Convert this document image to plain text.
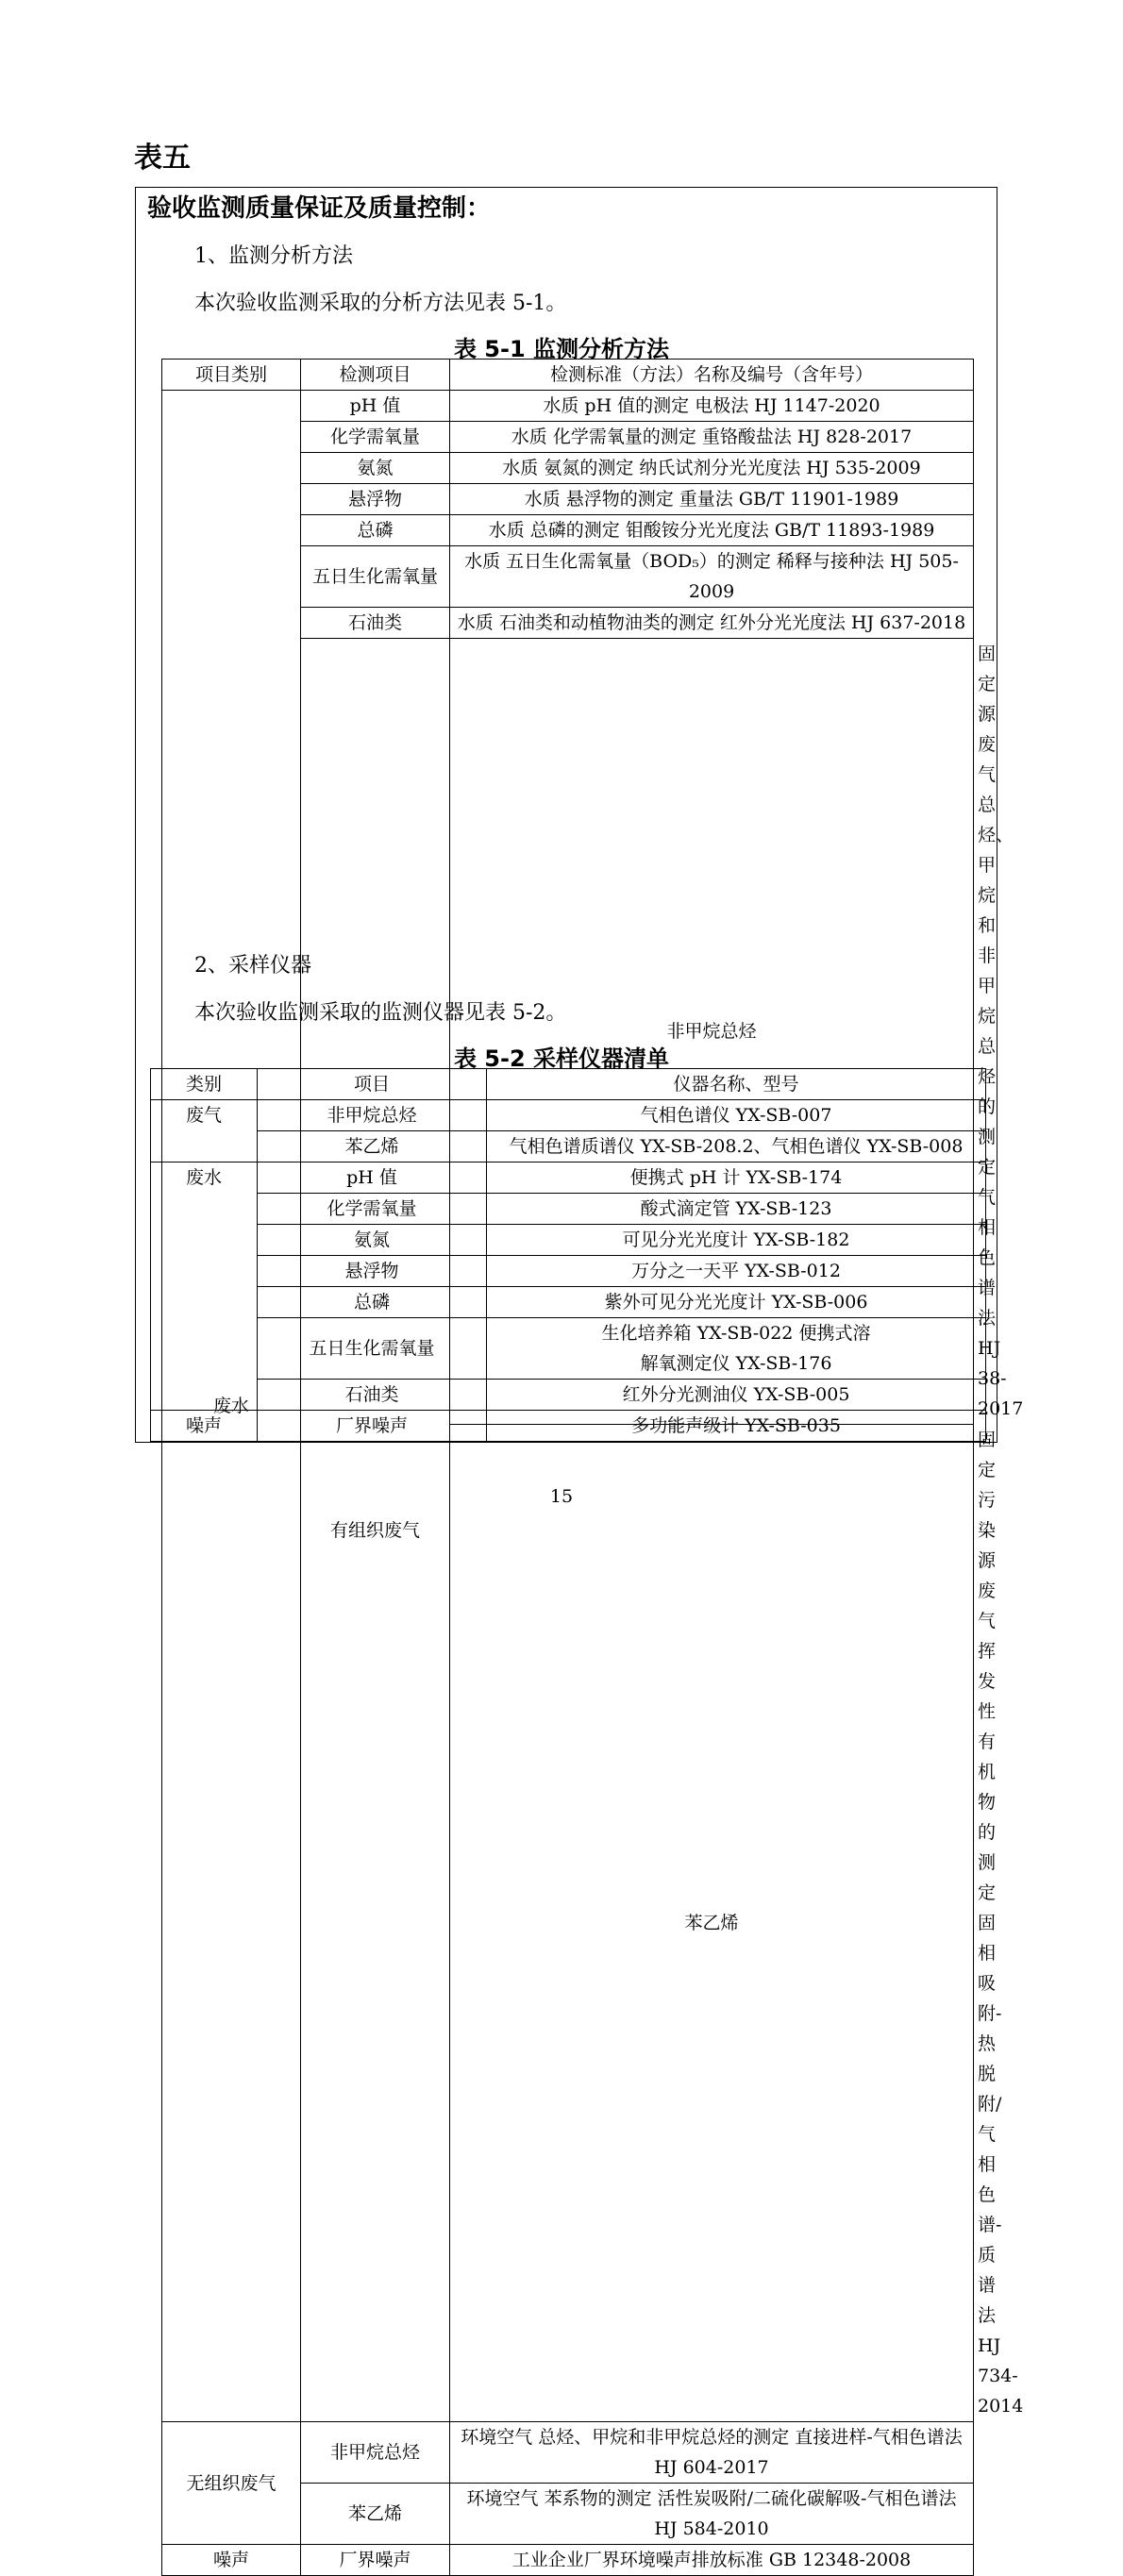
表五
验收监测质量保证及质量控制：
1、监测分析方法
本次验收监测采取的分析方法见表 5-1。
表 5-1 监测分析方法
项目类别	检测项目	检测标准（方法）名称及编号（含年号）	
废水	pH 值	水质 pH 值的测定 电极法 HJ 1147-2020	
	化学需氧量	水质 化学需氧量的测定 重铬酸盐法 HJ 828-2017	
	氨氮	水质 氨氮的测定 纳氏试剂分光光度法 HJ 535-2009	
	悬浮物	水质 悬浮物的测定 重量法 GB/T 11901-1989	
	总磷	水质 总磷的测定 钼酸铵分光光度法 GB/T 11893-1989	
	五日生化需氧量	水质 五日生化需氧量（BOD₅）的测定 稀释与接种法 HJ 505-2009	
	石油类	水质 石油类和动植物油类的测定 红外分光光度法 HJ 637-2018	
	有组织废气	非甲烷总烃	固定源废气 总烃、甲烷和非甲烷总烃的测定 气相色谱法 HJ 38-2017
		苯乙烯	固定污染源废气 挥发性有机物的测定 固相吸附-热脱附/气相色谱-质谱法 HJ 734-2014
无组织废气	非甲烷总烃	环境空气 总烃、甲烷和非甲烷总烃的测定 直接进样-气相色谱法 HJ 604-2017	
	苯乙烯	环境空气 苯系物的测定 活性炭吸附/二硫化碳解吸-气相色谱法 HJ 584-2010	
噪声	厂界噪声	工业企业厂界环境噪声排放标准 GB 12348-2008	
2、采样仪器
本次验收监测采取的监测仪器见表 5-2。
表 5-2 采样仪器清单
类别	项目	仪器名称、型号
废气	非甲烷总烃	气相色谱仪 YX-SB-007
	苯乙烯	气相色谱质谱仪 YX-SB-208.2、气相色谱仪 YX-SB-008
废水	pH 值	便携式 pH 计 YX-SB-174
	化学需氧量	酸式滴定管 YX-SB-123
	氨氮	可见分光光度计 YX-SB-182
	悬浮物	万分之一天平 YX-SB-012
	总磷	紫外可见分光光度计 YX-SB-006
	五日生化需氧量	生化培养箱 YX-SB-022 便携式溶解氧测定仪 YX-SB-176
	石油类	红外分光测油仪 YX-SB-005
噪声	厂界噪声	多功能声级计 YX-SB-035
15
